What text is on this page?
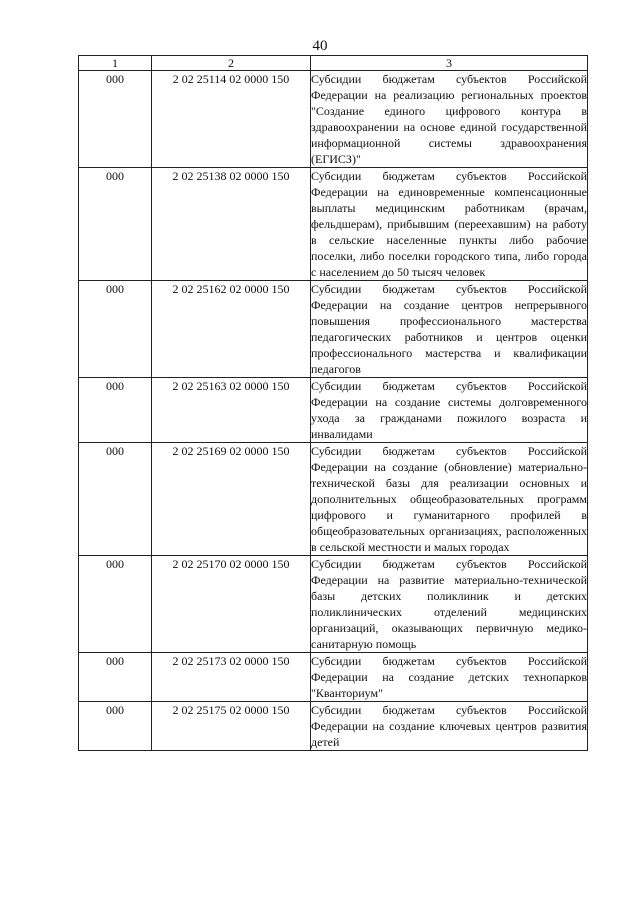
40
1	2	3
000	2 02 25114 02 0000 150	Субсидии бюджетам субъектов Российской Федерации на реализацию региональных проектов "Создание единого цифрового контура в здравоохранении на основе единой государственной информационной системы здравоохранения (ЕГИСЗ)"
000	2 02 25138 02 0000 150	Субсидии бюджетам субъектов Российской Федерации на единовременные компенсационные выплаты медицинским работникам (врачам, фельдшерам), прибывшим (переехавшим) на работу в сельские населенные пункты либо рабочие поселки, либо поселки городского типа, либо города с населением до 50 тысяч человек
000	2 02 25162 02 0000 150	Субсидии бюджетам субъектов Российской Федерации на создание центров непрерывного повышения профессионального мастерства педагогических работников и центров оценки профессионального мастерства и квалификации педагогов
000	2 02 25163 02 0000 150	Субсидии бюджетам субъектов Российской Федерации на создание системы долговременного ухода за гражданами пожилого возраста и инвалидами
000	2 02 25169 02 0000 150	Субсидии бюджетам субъектов Российской Федерации на создание (обновление) материально-технической базы для реализации основных и дополнительных общеобразовательных программ цифрового и гуманитарного профилей в общеобразовательных организациях, расположенных в сельской местности и малых городах
000	2 02 25170 02 0000 150	Субсидии бюджетам субъектов Российской Федерации на развитие материально-технической базы детских поликлиник и детских поликлинических отделений медицинских организаций, оказывающих первичную медико-санитарную помощь
000	2 02 25173 02 0000 150	Субсидии бюджетам субъектов Российской Федерации на создание детских технопарков "Кванториум"
000	2 02 25175 02 0000 150	Субсидии бюджетам субъектов Российской Федерации на создание ключевых центров развития детей
